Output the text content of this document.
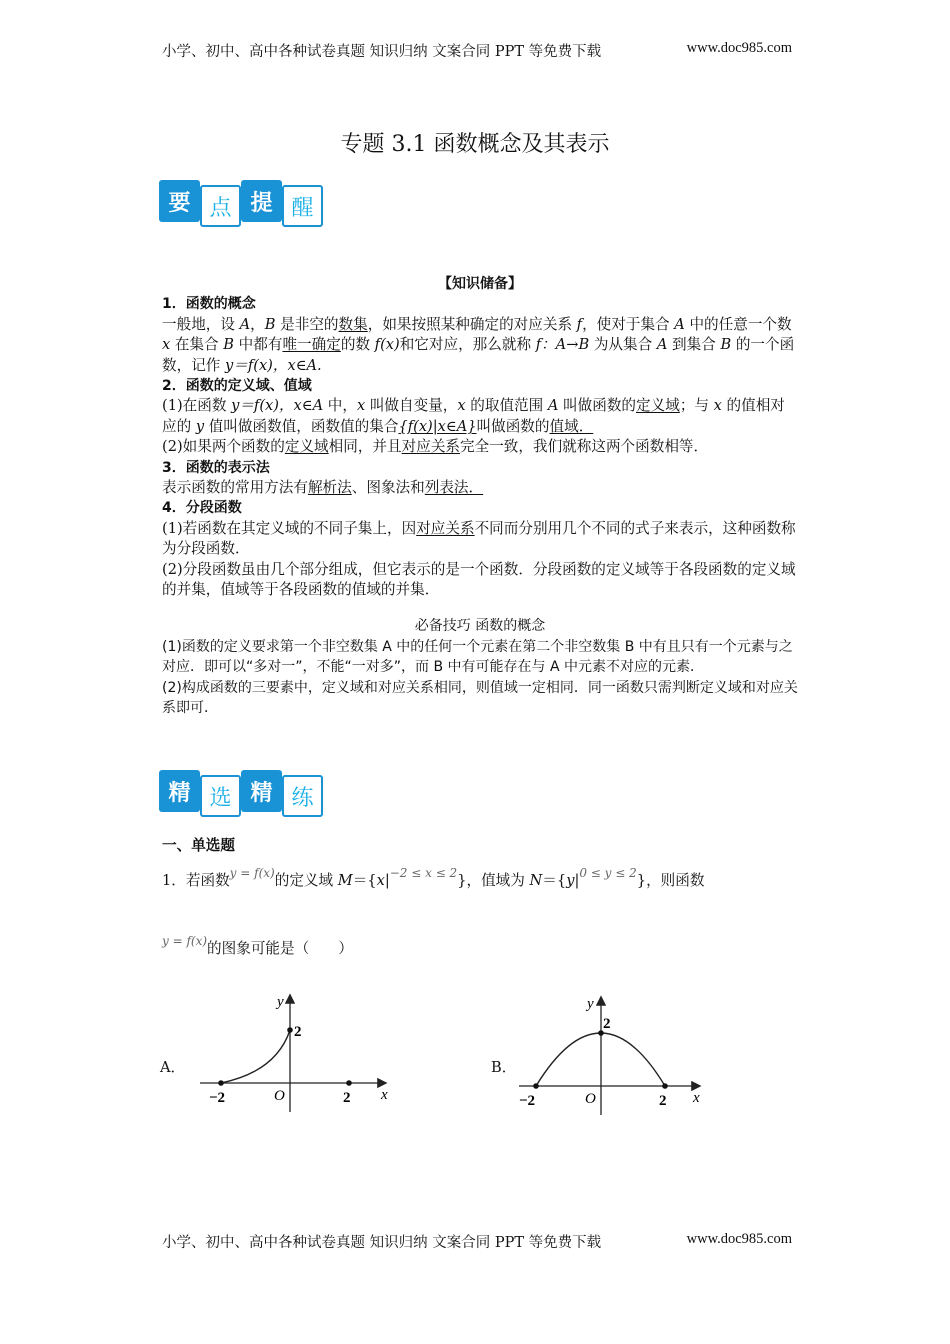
小学、初中、高中各种试卷真题 知识归纳 文案合同 PPT 等免费下载	www.doc985.com
专题 3.1 函数概念及其表示
要 点 提 醒
【知识储备】
1．函数的概念
一般地，设 A，B 是非空的数集，如果按照某种确定的对应关系 f，使对于集合 A 中的任意一个数 x 在集合 B 中都有唯一确定的数 f(x)和它对应，那么就称 f：A→B 为从集合 A 到集合 B 的一个函数，记作 y＝f(x)，x∈A.
2．函数的定义域、值域
(1)在函数 y＝f(x)，x∈A 中，x 叫做自变量，x 的取值范围 A 叫做函数的定义域；与 x 的值相对应的 y 值叫做函数值，函数值的集合{f(x)|x∈A}叫做函数的值域．
(2)如果两个函数的定义域相同，并且对应关系完全一致，我们就称这两个函数相等．
3．函数的表示法
表示函数的常用方法有解析法、图象法和列表法．
4．分段函数
(1)若函数在其定义域的不同子集上，因对应关系不同而分别用几个不同的式子来表示，这种函数称为分段函数．
(2)分段函数虽由几个部分组成，但它表示的是一个函数．分段函数的定义域等于各段函数的定义域的并集，值域等于各段函数的值域的并集．
必备技巧 函数的概念
(1)函数的定义要求第一个非空数集 A 中的任何一个元素在第二个非空数集 B 中有且只有一个元素与之对应．即可以“多对一”，不能“一对多”，而 B 中有可能存在与 A 中元素不对应的元素．
(2)构成函数的三要素中，定义域和对应关系相同，则值域一定相同．同一函数只需判断定义域和对应关系即可．
精 选 精 练
一、单选题
1．若函数$^{y = f(x)}$的定义域 $M=\{x|^{-2 \le x \le 2}\}$，值域为 $N=\{y|^{0 \le y \le 2}\}$，则函数
$^{y = f(x)}$的图象可能是（　　）
A．
−2	O	2 x
y
2
B．
−2	O	2 x
y
2
小学、初中、高中各种试卷真题 知识归纳 文案合同 PPT 等免费下载	www.doc985.com
